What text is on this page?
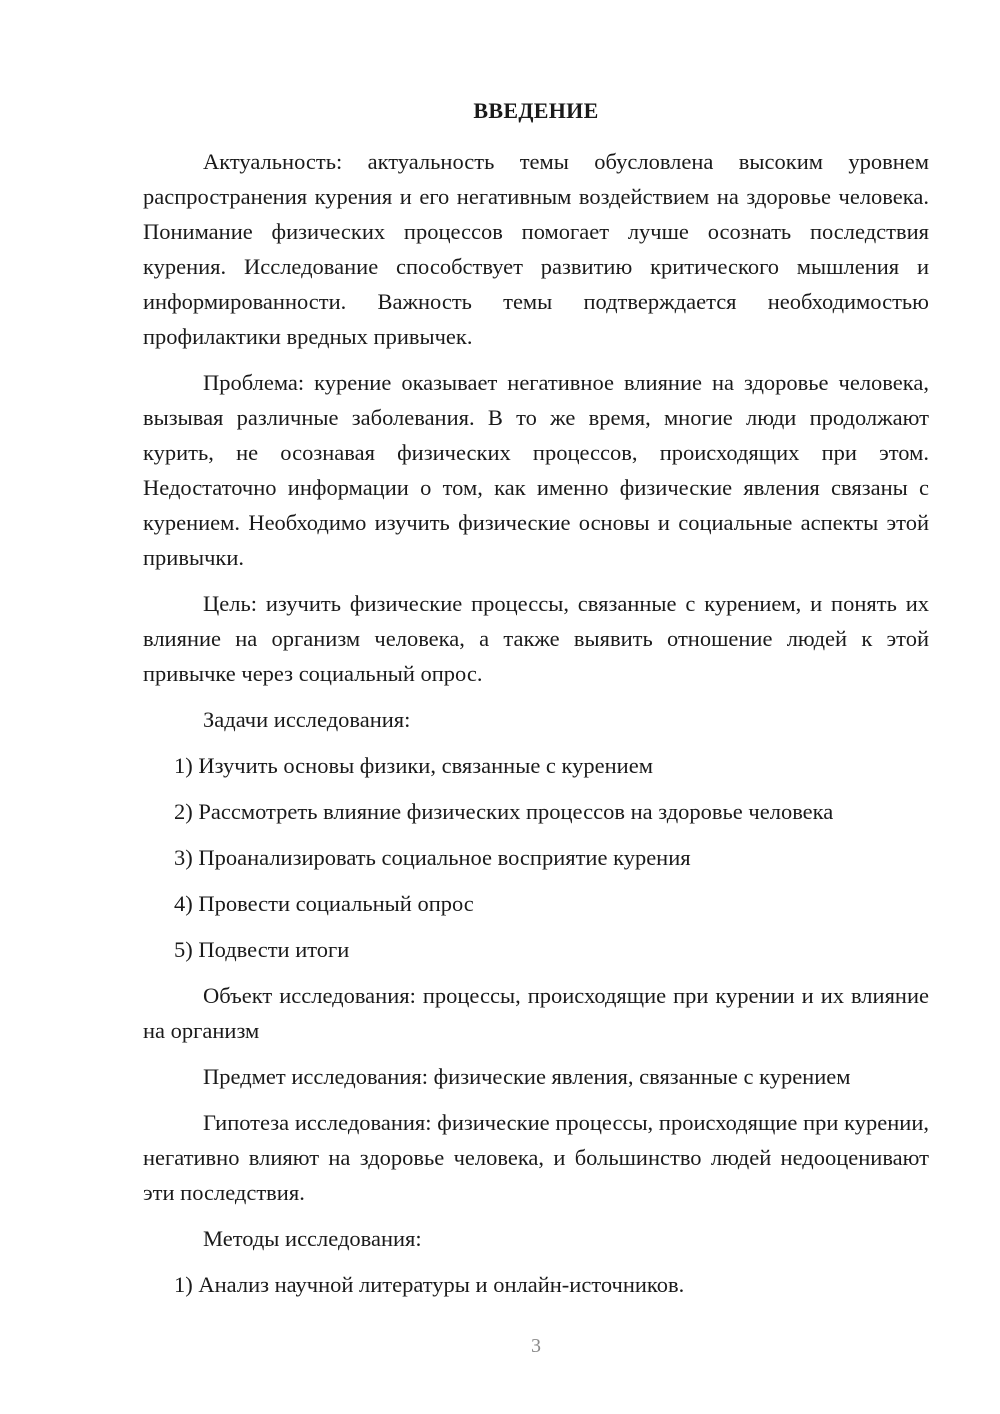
ВВЕДЕНИЕ

Актуальность: актуальность темы обусловлена высоким уровнем распространения курения и его негативным воздействием на здоровье человека. Понимание физических процессов помогает лучше осознать последствия курения. Исследование способствует развитию критического мышления и информированности. Важность темы подтверждается необходимостью профилактики вредных привычек.

Проблема: курение оказывает негативное влияние на здоровье человека, вызывая различные заболевания. В то же время, многие люди продолжают курить, не осознавая физических процессов, происходящих при этом. Недостаточно информации о том, как именно физические явления связаны с курением. Необходимо изучить физические основы и социальные аспекты этой привычки.

Цель: изучить физические процессы, связанные с курением, и понять их влияние на организм человека, а также выявить отношение людей к этой привычке через социальный опрос.

Задачи исследования:

1) Изучить основы физики, связанные с курением

2) Рассмотреть влияние физических процессов на здоровье человека

3) Проанализировать социальное восприятие курения

4) Провести социальный опрос

5) Подвести итоги

Объект исследования: процессы, происходящие при курении и их влияние на организм

Предмет исследования: физические явления, связанные с курением

Гипотеза исследования: физические процессы, происходящие при курении, негативно влияют на здоровье человека, и большинство людей недооценивают эти последствия.

Методы исследования:

1) Анализ научной литературы и онлайн-источников.

3
